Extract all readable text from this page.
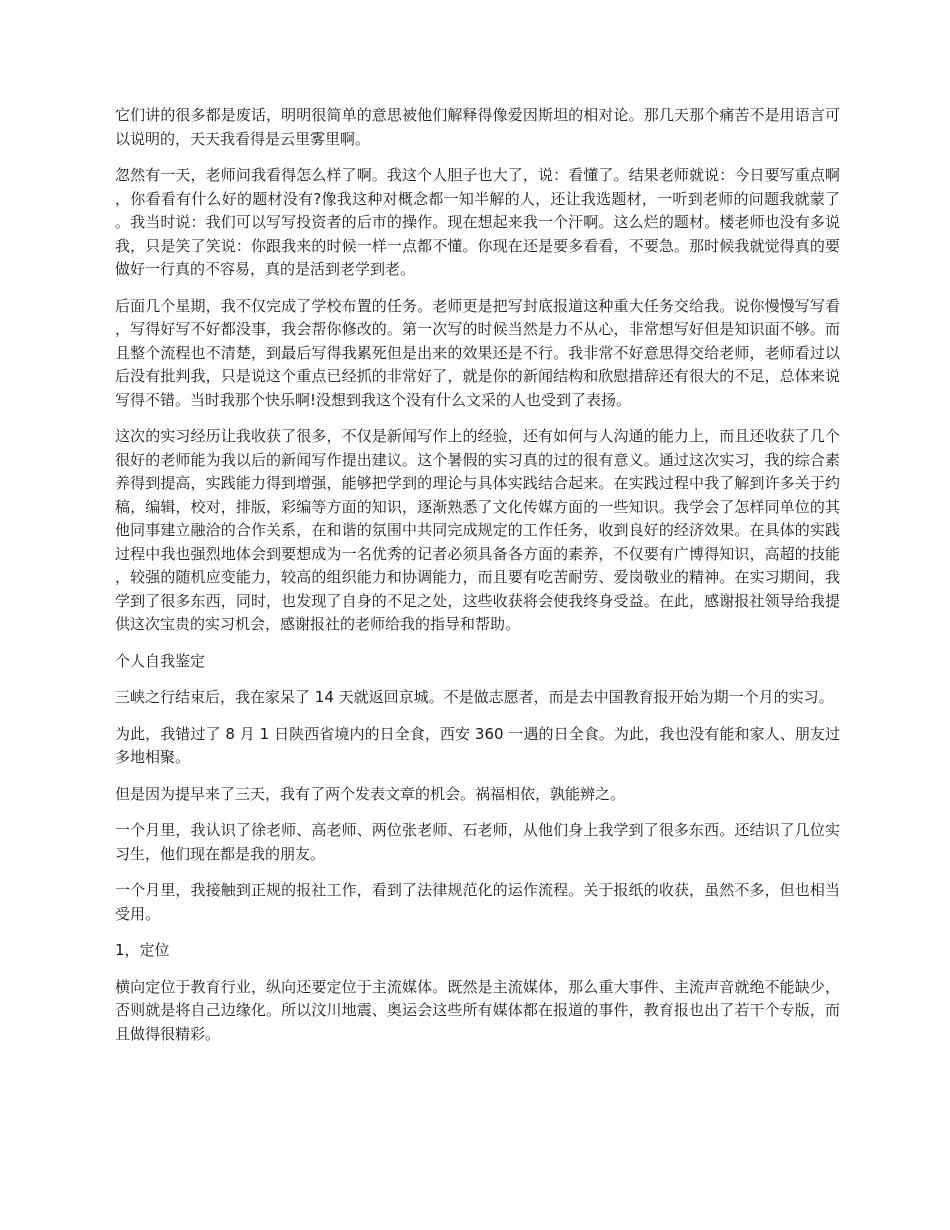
它们讲的很多都是废话，明明很简单的意思被他们解释得像爱因斯坦的相对论。那几天那个痛苦不是用语言可以说明的，天天我看得是云里雾里啊。

忽然有一天，老师问我看得怎么样了啊。我这个人胆子也大了，说：看懂了。结果老师就说：今日要写重点啊，你看看有什么好的题材没有?像我这种对概念都一知半解的人，还让我选题材，一听到老师的问题我就蒙了。我当时说：我们可以写写投资者的后市的操作。现在想起来我一个汗啊。这么烂的题材。楼老师也没有多说我，只是笑了笑说：你跟我来的时候一样一点都不懂。你现在还是要多看看，不要急。那时候我就觉得真的要做好一行真的不容易，真的是活到老学到老。

后面几个星期，我不仅完成了学校布置的任务。老师更是把写封底报道这种重大任务交给我。说你慢慢写写看，写得好写不好都没事，我会帮你修改的。第一次写的时候当然是力不从心，非常想写好但是知识面不够。而且整个流程也不清楚，到最后写得我累死但是出来的效果还是不行。我非常不好意思得交给老师，老师看过以后没有批判我，只是说这个重点已经抓的非常好了，就是你的新闻结构和欣慰措辞还有很大的不足，总体来说写得不错。当时我那个快乐啊!没想到我这个没有什么文采的人也受到了表扬。

这次的实习经历让我收获了很多，不仅是新闻写作上的经验，还有如何与人沟通的能力上，而且还收获了几个很好的老师能为我以后的新闻写作提出建议。这个暑假的实习真的过的很有意义。通过这次实习，我的综合素养得到提高，实践能力得到增强，能够把学到的理论与具体实践结合起来。在实践过程中我了解到许多关于约稿，编辑，校对，排版，彩编等方面的知识，逐渐熟悉了文化传媒方面的一些知识。我学会了怎样同单位的其他同事建立融洽的合作关系，在和谐的氛围中共同完成规定的工作任务，收到良好的经济效果。在具体的实践过程中我也强烈地体会到要想成为一名优秀的记者必须具备各方面的素养，不仅要有广博得知识，高超的技能，较强的随机应变能力，较高的组织能力和协调能力，而且要有吃苦耐劳、爱岗敬业的精神。在实习期间，我学到了很多东西，同时，也发现了自身的不足之处，这些收获将会使我终身受益。在此，感谢报社领导给我提供这次宝贵的实习机会，感谢报社的老师给我的指导和帮助。

个人自我鉴定

三峡之行结束后，我在家呆了 14 天就返回京城。不是做志愿者，而是去中国教育报开始为期一个月的实习。

为此，我错过了 8 月 1 日陕西省境内的日全食，西安 360 一遇的日全食。为此，我也没有能和家人、朋友过多地相聚。

但是因为提早来了三天，我有了两个发表文章的机会。祸福相依，孰能辨之。

一个月里，我认识了徐老师、高老师、两位张老师、石老师，从他们身上我学到了很多东西。还结识了几位实习生，他们现在都是我的朋友。

一个月里，我接触到正规的报社工作，看到了法律规范化的运作流程。关于报纸的收获，虽然不多，但也相当受用。

1，定位

横向定位于教育行业，纵向还要定位于主流媒体。既然是主流媒体，那么重大事件、主流声音就绝不能缺少，否则就是将自己边缘化。所以汶川地震、奥运会这些所有媒体都在报道的事件，教育报也出了若干个专版，而且做得很精彩。
